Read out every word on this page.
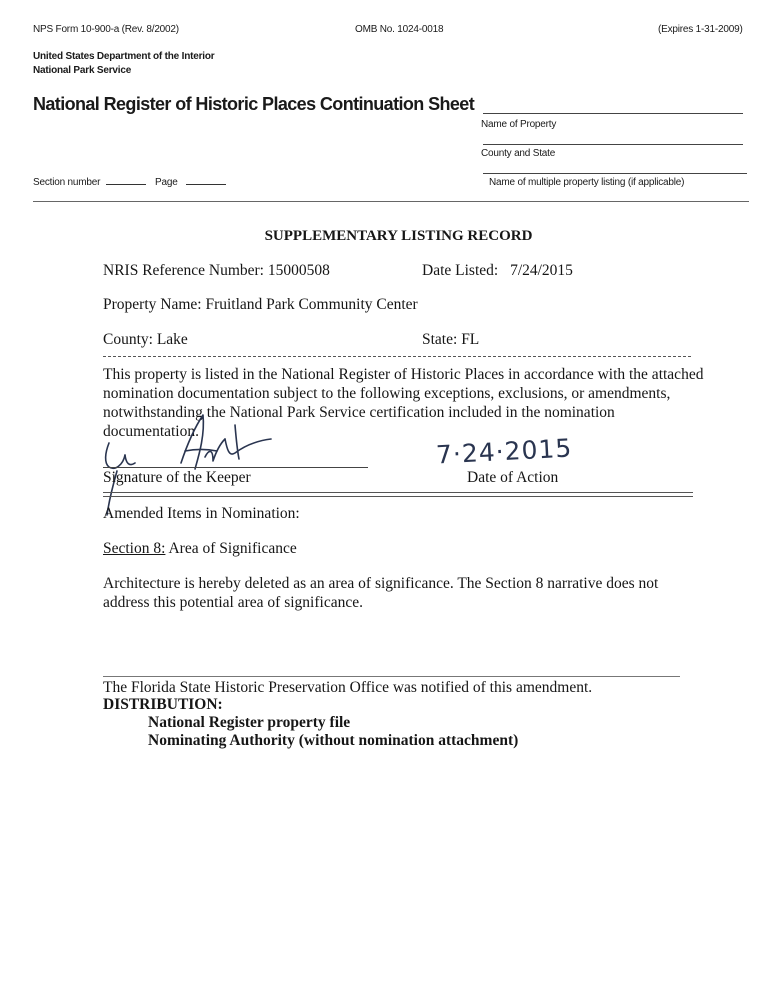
NPS Form 10-900-a (Rev. 8/2002)	OMB No. 1024-0018	(Expires 1-31-2009)
United States Department of the Interior
National Park Service
National Register of Historic Places Continuation Sheet
Name of Property
County and State
Name of multiple property listing (if applicable)
Section number	Page
SUPPLEMENTARY LISTING RECORD
NRIS Reference Number: 15000508	Date Listed: 7/24/2015
Property Name: Fruitland Park Community Center
County: Lake	State: FL
This property is listed in the National Register of Historic Places in accordance with the attached
nomination documentation subject to the following exceptions, exclusions, or amendments,
notwithstanding the National Park Service certification included in the nomination
documentation.
Signature of the Keeper
7·24·2015
Date of Action
Amended Items in Nomination:
Section 8: Area of Significance
Architecture is hereby deleted as an area of significance. The Section 8 narrative does not
address this potential area of significance.
The Florida State Historic Preservation Office was notified of this amendment.
DISTRIBUTION:
National Register property file
Nominating Authority (without nomination attachment)
